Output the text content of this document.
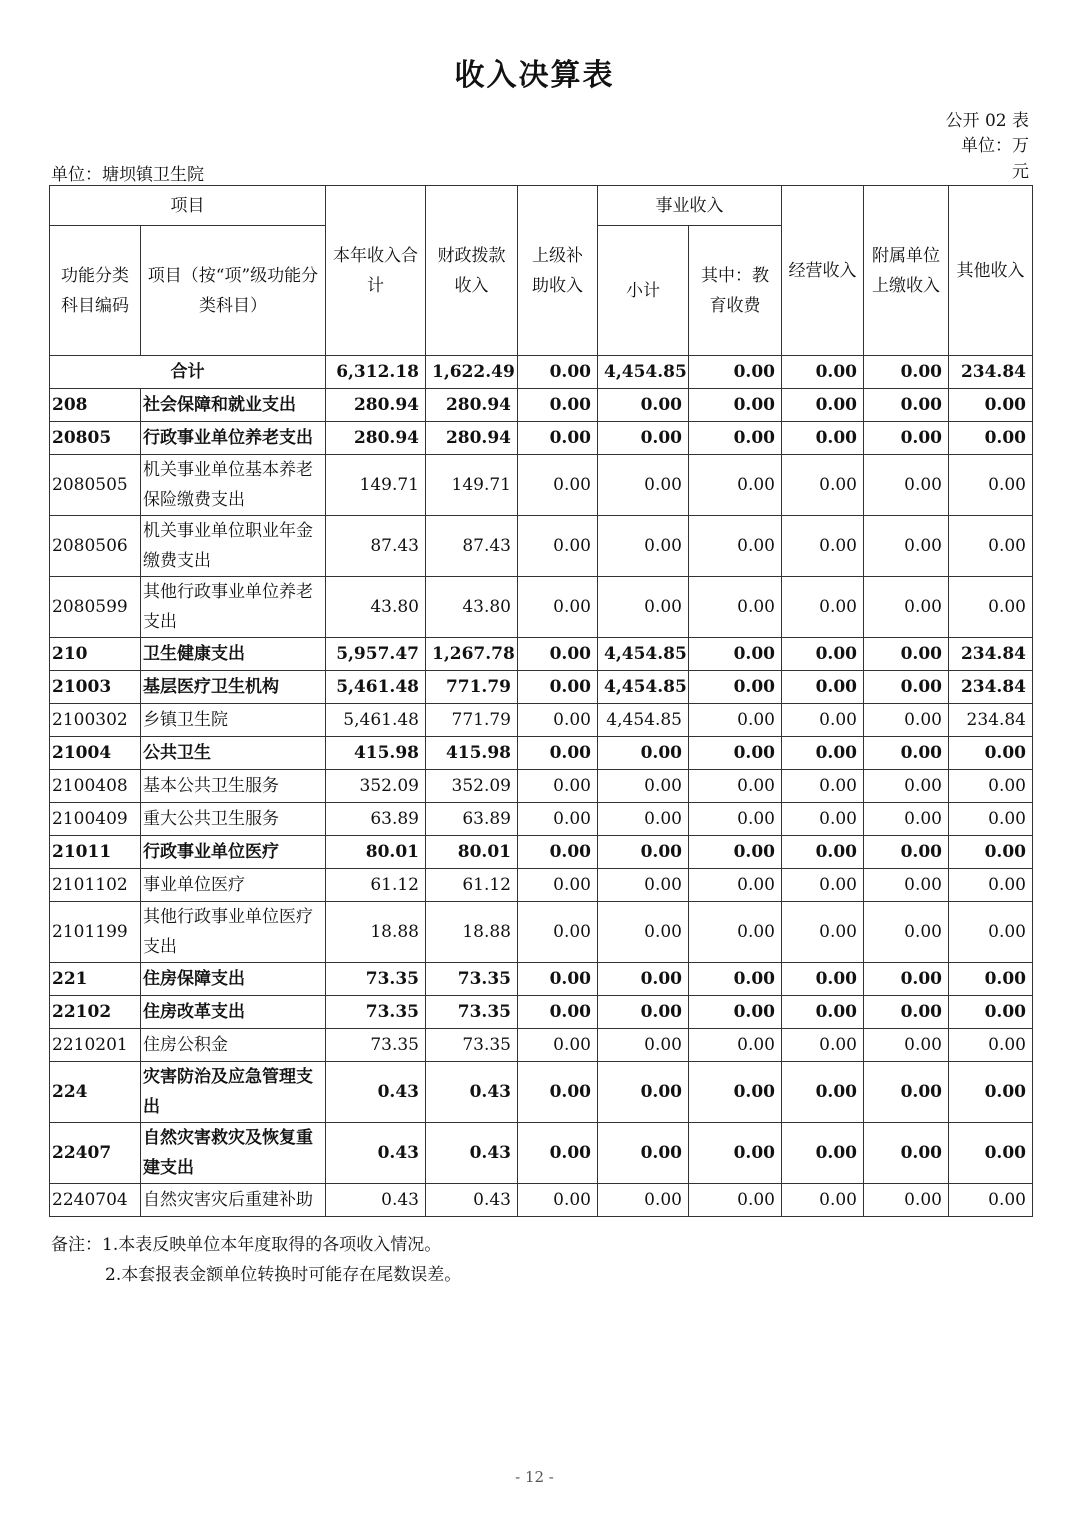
收入决算表
公开 02 表
单位：万元
单位：塘坝镇卫生院
项目		本年收入合计	财政拨款收入	上级补助收入	事业收入		经营收入	附属单位上缴收入	其他收入
功能分类科目编码	项目（按“项”级功能分类科目）				小计	其中：教育收费			
合计		6,312.18	1,622.49	0.00	4,454.85	0.00	0.00	0.00	234.84
208	社会保障和就业支出	280.94	280.94	0.00	0.00	0.00	0.00	0.00	0.00
20805	行政事业单位养老支出	280.94	280.94	0.00	0.00	0.00	0.00	0.00	0.00
2080505	机关事业单位基本养老保险缴费支出	149.71	149.71	0.00	0.00	0.00	0.00	0.00	0.00
2080506	机关事业单位职业年金缴费支出	87.43	87.43	0.00	0.00	0.00	0.00	0.00	0.00
2080599	其他行政事业单位养老支出	43.80	43.80	0.00	0.00	0.00	0.00	0.00	0.00
210	卫生健康支出	5,957.47	1,267.78	0.00	4,454.85	0.00	0.00	0.00	234.84
21003	基层医疗卫生机构	5,461.48	771.79	0.00	4,454.85	0.00	0.00	0.00	234.84
2100302	乡镇卫生院	5,461.48	771.79	0.00	4,454.85	0.00	0.00	0.00	234.84
21004	公共卫生	415.98	415.98	0.00	0.00	0.00	0.00	0.00	0.00
2100408	基本公共卫生服务	352.09	352.09	0.00	0.00	0.00	0.00	0.00	0.00
2100409	重大公共卫生服务	63.89	63.89	0.00	0.00	0.00	0.00	0.00	0.00
21011	行政事业单位医疗	80.01	80.01	0.00	0.00	0.00	0.00	0.00	0.00
2101102	事业单位医疗	61.12	61.12	0.00	0.00	0.00	0.00	0.00	0.00
2101199	其他行政事业单位医疗支出	18.88	18.88	0.00	0.00	0.00	0.00	0.00	0.00
221	住房保障支出	73.35	73.35	0.00	0.00	0.00	0.00	0.00	0.00
22102	住房改革支出	73.35	73.35	0.00	0.00	0.00	0.00	0.00	0.00
2210201	住房公积金	73.35	73.35	0.00	0.00	0.00	0.00	0.00	0.00
224	灾害防治及应急管理支出	0.43	0.43	0.00	0.00	0.00	0.00	0.00	0.00
22407	自然灾害救灾及恢复重建支出	0.43	0.43	0.00	0.00	0.00	0.00	0.00	0.00
2240704	自然灾害灾后重建补助	0.43	0.43	0.00	0.00	0.00	0.00	0.00	0.00
备注：1.本表反映单位本年度取得的各项收入情况。
2.本套报表金额单位转换时可能存在尾数误差。
- 12 -
